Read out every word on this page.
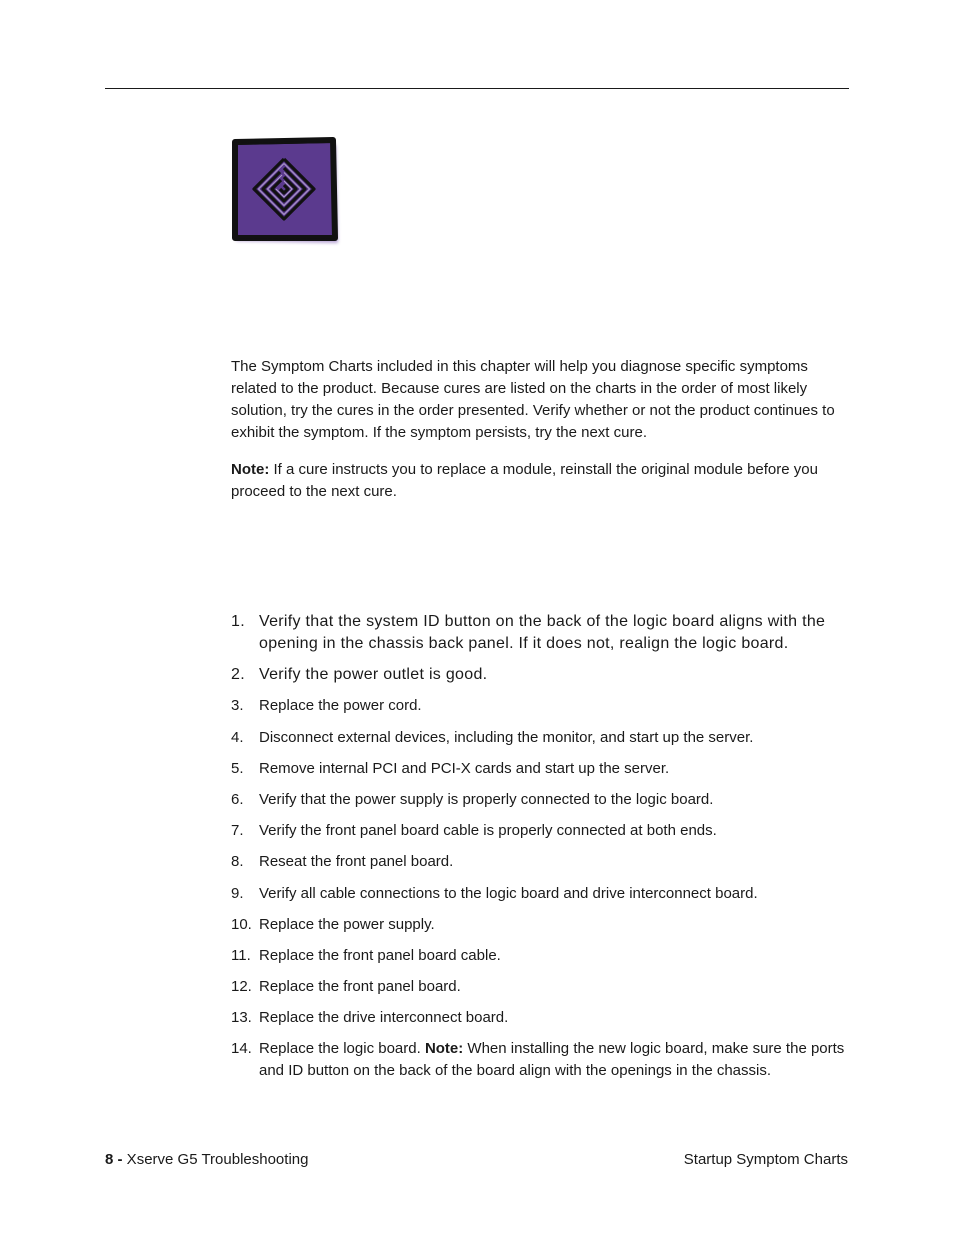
The Symptom Charts included in this chapter will help you diagnose specific symptoms related to the product. Because cures are listed on the charts in the order of most likely solution, try the cures in the order presented. Verify whether or not the product continues to exhibit the symptom. If the symptom persists, try the next cure.

Note: If a cure instructs you to replace a module, reinstall the original module before you proceed to the next cure.

1. Verify that the system ID button on the back of the logic board aligns with the opening in the chassis back panel. If it does not, realign the logic board.
2. Verify the power outlet is good.
3. Replace the power cord.
4. Disconnect external devices, including the monitor, and start up the server.
5. Remove internal PCI and PCI-X cards and start up the server.
6. Verify that the power supply is properly connected to the logic board.
7. Verify the front panel board cable is properly connected at both ends.
8. Reseat the front panel board.
9. Verify all cable connections to the logic board and drive interconnect board.
10. Replace the power supply.
11. Replace the front panel board cable.
12. Replace the front panel board.
13. Replace the drive interconnect board.
14. Replace the logic board. Note: When installing the new logic board, make sure the ports and ID button on the back of the board align with the openings in the chassis.
8 - Xserve G5 Troubleshooting	Startup Symptom Charts
